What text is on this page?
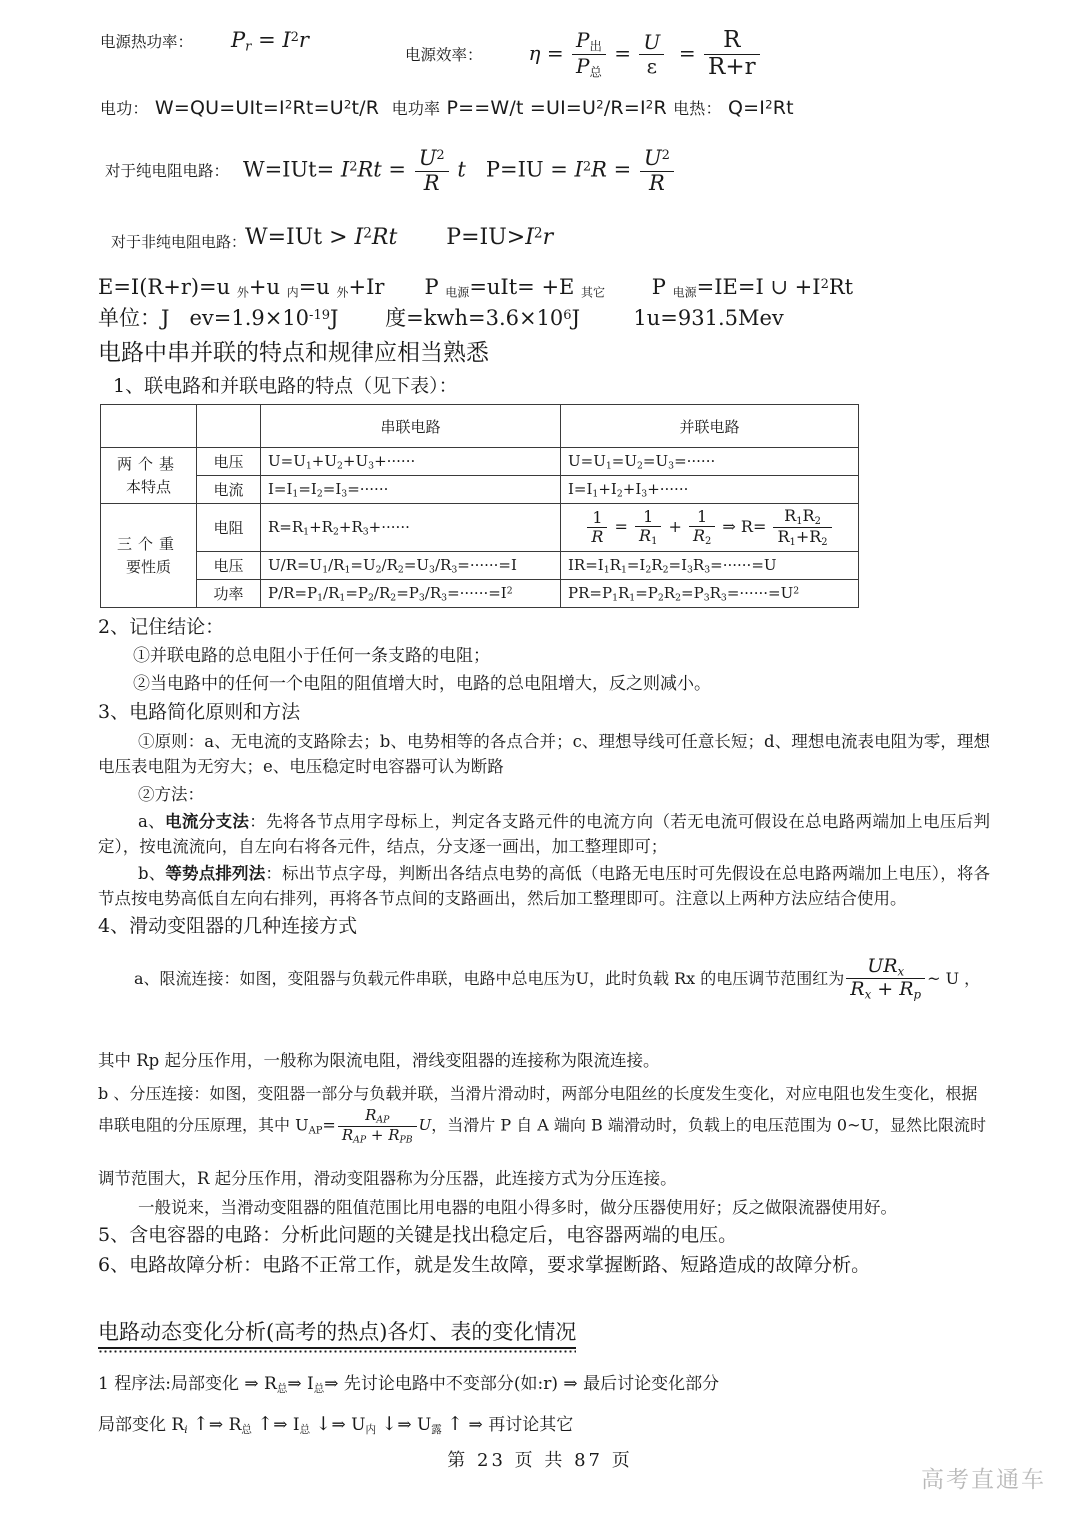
电源热功率： $P_r = I^2r$
电源效率： $\eta = \frac{P_出}{P_总} = \frac{U}{\varepsilon} = \frac{R}{R+r}$
电功： $W=QU=UIt=I^2Rt=U^2t/R$ 电功率 $P==W/t =UI=U^2/R=I^2R$ 电热： $Q=I^2Rt$
对于纯电阻电路： $W=IUt= I^2Rt = \frac{U^2}{R}$ t   $P=IU = I^2R = \frac{U^2}{R}$
对于非纯电阻电路：
$W=IUt > I^2Rt$       $P=IU>I^2r$
E=I(R+r)=u 外+u 内=u 外+Ir      P 电源=uIt= +E 其它       P 电源=IE=I ∪ $+I^2Rt$
单位：J   $ev=1.9\times 10^{-19}J$       度$=kwh=3.6\times 10^6J$        1u=931.5Mev
电路中串并联的特点和规律应相当熟悉
1、联电路和并联电路的特点（见下表）：
		串联电路	并联电路
两个基
本特点	电压	$U=U_1+U_2+U_3+\cdot\cdot\cdot\cdot\cdot\cdot$	$U=U_1=U_2=U_3=\cdot\cdot\cdot\cdot\cdot\cdot$
	电流	$I=I_1=I_2=I_3=\cdot\cdot\cdot\cdot\cdot\cdot$	$I=I_1+I_2+I_3+\cdot\cdot\cdot\cdot\cdot\cdot$
三个重
要性质	电阻	$R=R_1+R_2+R_3+\cdot\cdot\cdot\cdot\cdot\cdot$	$\frac{1}{R} = \frac{1}{R_1} + \frac{1}{R_2}$ ⇒ $R= \frac{R_1R_2}{R_1+R_2}$

	电压	$U/R=U_1/R_1=U_2/R_2=U_3/R_3=\cdot\cdot\cdot\cdot\cdot\cdot=I$	$IR=I_1R_1=I_2R_2=I_3R_3=\cdot\cdot\cdot\cdot\cdot\cdot=U$
	功率	$P/R=P_1/R_1=P_2/R_2=P_3/R_3=\cdot\cdot\cdot\cdot\cdot\cdot=I^2$	$PR=P_1R_1=P_2R_2=P_3R_3=\cdot\cdot\cdot\cdot\cdot\cdot=U^2$

2、记住结论：

①并联电路的总电阻小于任何一条支路的电阻；

②当电路中的任何一个电阻的阻值增大时，电路的总电阻增大，反之则减小。

3、电路简化原则和方法

①原则：a、无电流的支路除去；b、电势相等的各点合并；c、理想导线可任意长短；d、理想电流表电阻为零，理想电压表电阻为无穷大；e、电压稳定时电容器可认为断路

②方法：

a、电流分支法：先将各节点用字母标上，判定各支路元件的电流方向（若无电流可假设在总电路两端加上电压后判定），按电流流向，自左向右将各元件，结点，分支逐一画出，加工整理即可；

b、等势点排列法：标出节点字母，判断出各结点电势的高低（电路无电压时可先假设在总电路两端加上电压），将各节点按电势高低自左向右排列，再将各节点间的支路画出，然后加工整理即可。注意以上两种方法应结合使用。

4、滑动变阻器的几种连接方式

a、限流连接：如图，变阻器与负载元件串联，电路中总电压为U，此时负载 Rx 的电压调节范围红为 $\frac{UR_x}{R_x + R_p}$ ~ U ，

其中 Rp 起分压作用，一般称为限流电阻，滑线变阻器的连接称为限流连接。

b 、分压连接：如图，变阻器一部分与负载并联，当滑片滑动时，两部分电阻丝的长度发生变化，对应电阻也发生变化，根据串联电阻的分压原理，其中 $U_{AP}= \frac{R_{AP}}{R_{AP} + R_{PB}}$ U，当滑片 P 自 A 端向 B 端滑动时，负载上的电压范围为 0~U，显然比限流时

调节范围大，R 起分压作用，滑动变阻器称为分压器，此连接方式为分压连接。

一般说来，当滑动变阻器的阻值范围比用电器的电阻小得多时，做分压器使用好；反之做限流器使用好。

5、含电容器的电路：分析此问题的关键是找出稳定后，电容器两端的电压。

6、电路故障分析：电路不正常工作，就是发生故障，要求掌握断路、短路造成的故障分析。

电路动态变化分析(高考的热点)各灯、表的变化情况
1 程序法:局部变化 ⇒ $R_总\Rightarrow$ $I_总\Rightarrow$ 先讨论电路中不变部分(如:r) ⇒ 最后讨论变化部分
局部变化 $R_i$ ↑⇒ $R_总$ ↑⇒ $I_总$ ↓⇒ $U_内$ ↓⇒ $U_露$ ↑ ⇒ 再讨论其它
第 23 页 共 87 页
高考直通车
